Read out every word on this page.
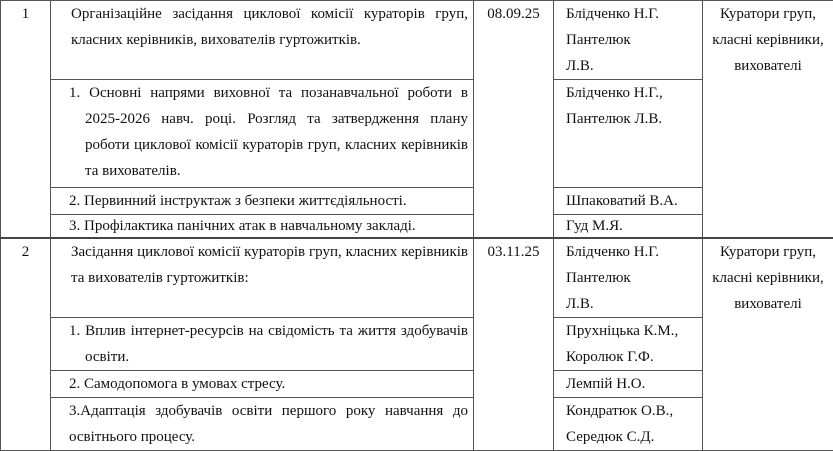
1	Організаційне засідання циклової комісії кураторів груп, класних керівників, вихователів гуртожитків.	08.09.25	Блідченко Н.Г. Пантелюк Л.В.	Куратори груп, класні керівники, вихователі
	1. Основні напрями виховної та позанавчальної роботи в 2025-2026 навч. році. Розгляд та затвердження плану роботи циклової комісії кураторів груп, класних керівників та вихователів.		Блідченко Н.Г., Пантелюк Л.В.	
	2. Первинний інструктаж з безпеки життєдіяльності.		Шпаковатий В.А.	
	3. Профілактика панічних атак в навчальному закладі.		Гуд М.Я.	
2	Засідання циклової комісії кураторів груп, класних керівників та вихователів гуртожитків:	03.11.25	Блідченко Н.Г. Пантелюк Л.В.	Куратори груп, класні керівники, вихователі
	1. Вплив інтернет-ресурсів на свідомість та життя здобувачів освіти.		Прухніцька К.М., Королюк Г.Ф.	
	2. Самодопомога в умовах стресу.		Лемпій Н.О.	
	3.Адаптація здобувачів освіти першого року навчання до освітнього процесу.		Кондратюк О.В., Середюк С.Д.	
